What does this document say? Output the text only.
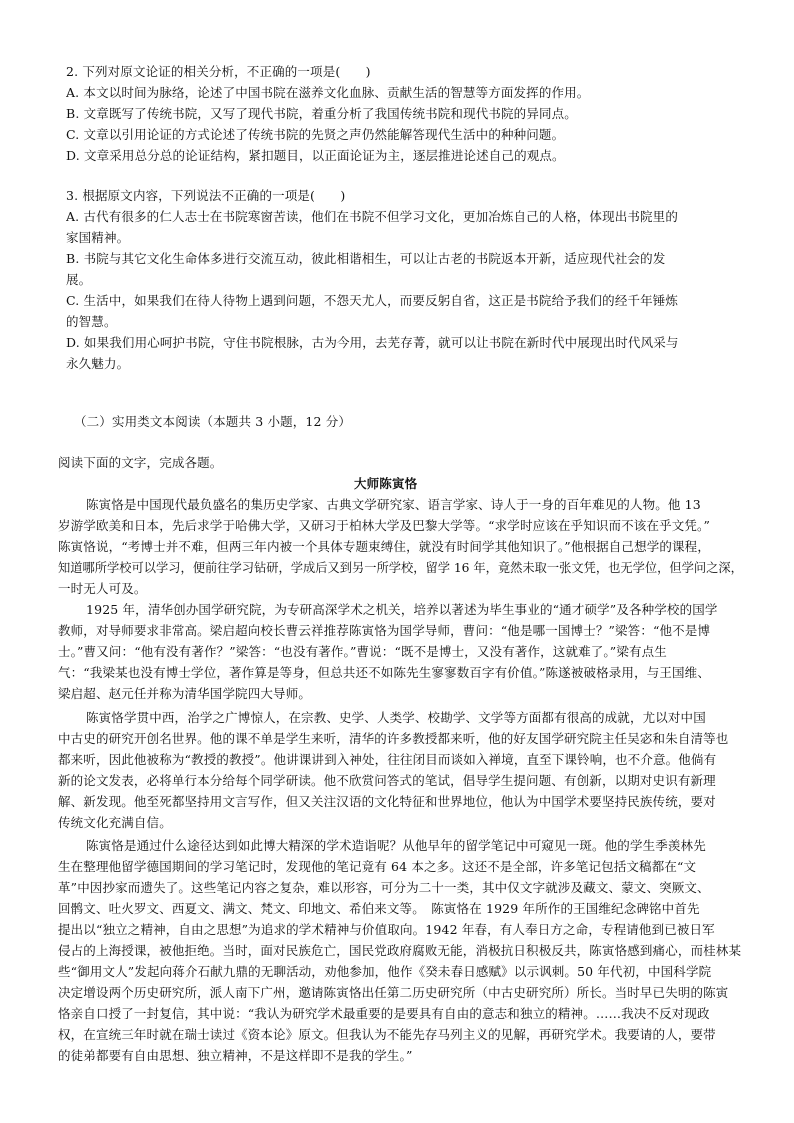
2. 下列对原文论证的相关分析，不正确的一项是(　　)
A. 本文以时间为脉络，论述了中国书院在滋养文化血脉、贡献生活的智慧等方面发挥的作用。
B. 文章既写了传统书院，又写了现代书院，着重分析了我国传统书院和现代书院的异同点。
C. 文章以引用论证的方式论述了传统书院的先贤之声仍然能解答现代生活中的种种问题。
D. 文章采用总分总的论证结构，紧扣题目，以正面论证为主，逐层推进论述自己的观点。
3. 根据原文内容，下列说法不正确的一项是(　　)
A. 古代有很多的仁人志士在书院寒窗苦读，他们在书院不但学习文化，更加冶炼自己的人格，体现出书院里的
家国精神。
B. 书院与其它文化生命体多进行交流互动，彼此相谐相生，可以让古老的书院返本开新，适应现代社会的发
展。
C. 生活中，如果我们在待人待物上遇到问题，不怨天尤人，而要反躬自省，这正是书院给予我们的经千年锤炼
的智慧。
D. 如果我们用心呵护书院，守住书院根脉，古为今用，去芜存菁，就可以让书院在新时代中展现出时代风采与
永久魅力。
（二）实用类文本阅读（本题共 3 小题，12 分）
阅读下面的文字，完成各题。
大师陈寅恪
陈寅恪是中国现代最负盛名的集历史学家、古典文学研究家、语言学家、诗人于一身的百年难见的人物。他 13
岁游学欧美和日本，先后求学于哈佛大学，又研习于柏林大学及巴黎大学等。“求学时应该在乎知识而不该在乎文凭。”
陈寅恪说，“考博士并不难，但两三年内被一个具体专题束缚住，就没有时间学其他知识了。”他根据自己想学的课程，
知道哪所学校可以学习，便前往学习钻研，学成后又到另一所学校，留学 16 年，竟然未取一张文凭，也无学位，但学问之深，
一时无人可及。
1925 年，清华创办国学研究院，为专研高深学术之机关，培养以著述为毕生事业的“通才硕学”及各种学校的国学
教师，对导师要求非常高。梁启超向校长曹云祥推荐陈寅恪为国学导师，曹问：“他是哪一国博士？”梁答：“他不是博
士。”曹又问：“他有没有著作？”梁答：“也没有著作。”曹说：“既不是博士，又没有著作，这就难了。”梁有点生
气：“我梁某也没有博士学位，著作算是等身，但总共还不如陈先生寥寥数百字有价值。”陈遂被破格录用，与王国维、
梁启超、赵元任并称为清华国学院四大导师。
陈寅恪学贯中西，治学之广博惊人，在宗教、史学、人类学、校勘学、文学等方面都有很高的成就，尤以对中国
中古史的研究开创名世界。他的课不单是学生来听，清华的许多教授都来听，他的好友国学研究院主任吴宓和朱自清等也
都来听，因此他被称为“教授的教授”。他讲课讲到入神处，往往闭目而谈如入禅境，直至下课铃响，也不介意。他倘有
新的论文发表，必将单行本分给每个同学研读。他不欣赏问答式的笔试，倡导学生提问题、有创新，以期对史识有新理
解、新发现。他至死都坚持用文言写作，但又关注汉语的文化特征和世界地位，他认为中国学术要坚持民族传统，要对
传统文化充满自信。
陈寅恪是通过什么途径达到如此博大精深的学术造诣呢？从他早年的留学笔记中可窥见一斑。他的学生季羡林先
生在整理他留学德国期间的学习笔记时，发现他的笔记竟有 64 本之多。这还不是全部，许多笔记包括文稿都在“文
革”中因抄家而遗失了。这些笔记内容之复杂，难以形容，可分为二十一类，其中仅文字就涉及藏文、蒙文、突厥文、
回鹘文、吐火罗文、西夏文、满文、梵文、印地文、希伯来文等。　陈寅恪在 1929 年所作的王国维纪念碑铭中首先
提出以“独立之精神，自由之思想”为追求的学术精神与价值取向。1942 年春，有人奉日方之命，专程请他到已被日军
侵占的上海授课，被他拒绝。当时，面对民族危亡，国民党政府腐败无能，消极抗日积极反共，陈寅恪感到痛心，而桂林某
些“御用文人”发起向蒋介石献九鼎的无聊活动，劝他参加，他作《癸未春日感赋》以示讽刺。50 年代初，中国科学院
决定增设两个历史研究所，派人南下广州，邀请陈寅恪出任第二历史研究所（中古史研究所）所长。当时早已失明的陈寅
恪亲自口授了一封复信，其中说：“我认为研究学术最重要的是要具有自由的意志和独立的精神。……我决不反对现政
权，在宣统三年时就在瑞士读过《资本论》原文。但我认为不能先存马列主义的见解，再研究学术。我要请的人，要带
的徒弟都要有自由思想、独立精神，不是这样即不是我的学生。”
